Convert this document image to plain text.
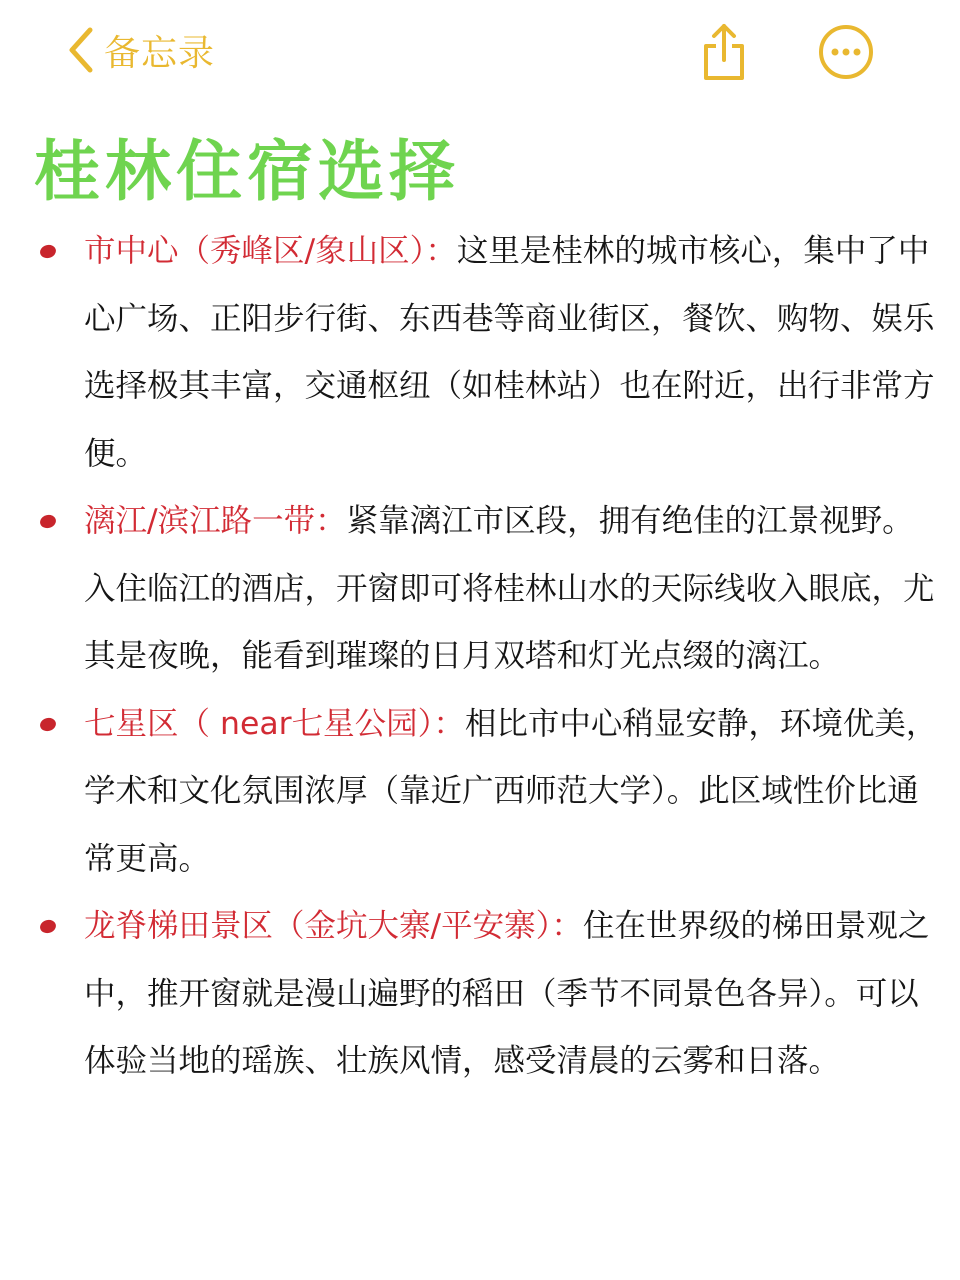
备忘录
桂林住宿选择
市中心（秀峰区/象山区）：这里是桂林的城市核心，集中了中心广场、正阳步行街、东西巷等商业街区，餐饮、购物、娱乐选择极其丰富，交通枢纽（如桂林站）也在附近，出行非常方便。
漓江/滨江路一带：紧靠漓江市区段，拥有绝佳的江景视野。入住临江的酒店，开窗即可将桂林山水的天际线收入眼底，尤其是夜晚，能看到璀璨的日月双塔和灯光点缀的漓江。
七星区（ near七星公园）：相比市中心稍显安静，环境优美，学术和文化氛围浓厚（靠近广西师范大学）。此区域性价比通常更高。
龙脊梯田景区（金坑大寨/平安寨）：住在世界级的梯田景观之中，推开窗就是漫山遍野的稻田（季节不同景色各异）。可以体验当地的瑶族、壮族风情，感受清晨的云雾和日落。
